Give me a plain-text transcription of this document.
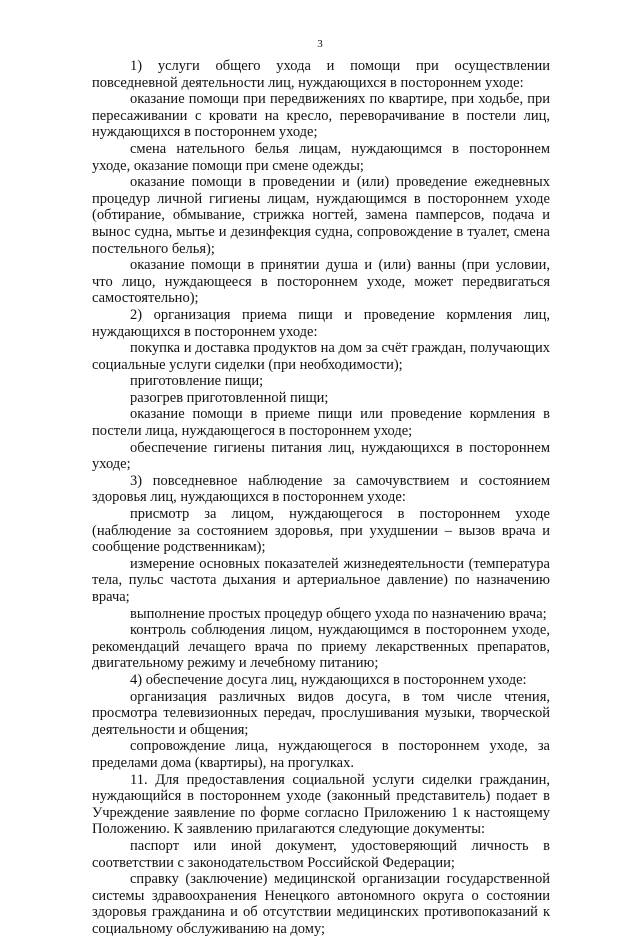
3

1) услуги общего ухода и помощи при осуществлении повседневной деятельности лиц, нуждающихся в постороннем уходе:

оказание помощи при передвижениях по квартире, при ходьбе, при пересаживании с кровати на кресло, переворачивание в постели лиц, нуждающихся в постороннем уходе;

смена нательного белья лицам, нуждающимся в постороннем уходе, оказание помощи при смене одежды;

оказание помощи в проведении и (или) проведение ежедневных процедур личной гигиены лицам, нуждающимся в постороннем уходе (обтирание, обмывание, стрижка ногтей, замена памперсов, подача и вынос судна, мытье и дезинфекция судна, сопровождение в туалет, смена постельного белья);

оказание помощи в принятии душа и (или) ванны (при условии, что лицо, нуждающееся в постороннем уходе, может передвигаться самостоятельно);

2) организация приема пищи и проведение кормления лиц, нуждающихся в постороннем уходе:

покупка и доставка продуктов на дом за счёт граждан, получающих социальные услуги сиделки (при необходимости);

приготовление пищи;

разогрев приготовленной пищи;

оказание помощи в приеме пищи или проведение кормления в постели лица, нуждающегося в постороннем уходе;

обеспечение гигиены питания лиц, нуждающихся в постороннем уходе;

3) повседневное наблюдение за самочувствием и состоянием здоровья лиц, нуждающихся в постороннем уходе:

присмотр за лицом, нуждающегося в постороннем уходе (наблюдение за состоянием здоровья, при ухудшении – вызов врача и сообщение родственникам);

измерение основных показателей жизнедеятельности (температура тела, пульс частота дыхания и артериальное давление) по назначению врача;

выполнение простых процедур общего ухода по назначению врача;

контроль соблюдения лицом, нуждающимся в постороннем уходе, рекомендаций лечащего врача по приему лекарственных препаратов, двигательному режиму и лечебному питанию;

4) обеспечение досуга лиц, нуждающихся в постороннем уходе:

организация различных видов досуга, в том числе чтения, просмотра телевизионных передач, прослушивания музыки, творческой деятельности и общения;

сопровождение лица, нуждающегося в постороннем уходе, за пределами дома (квартиры), на прогулках.

11. Для предоставления социальной услуги сиделки гражданин, нуждающийся в постороннем уходе (законный представитель) подает в Учреждение заявление по форме согласно Приложению 1 к настоящему Положению. К заявлению прилагаются следующие документы:

паспорт или иной документ, удостоверяющий личность в соответствии с законодательством Российской Федерации;

справку (заключение) медицинской организации государственной системы здравоохранения Ненецкого автономного округа о состоянии здоровья гражданина и об отсутствии медицинских противопоказаний к социальному обслуживанию на дому;
